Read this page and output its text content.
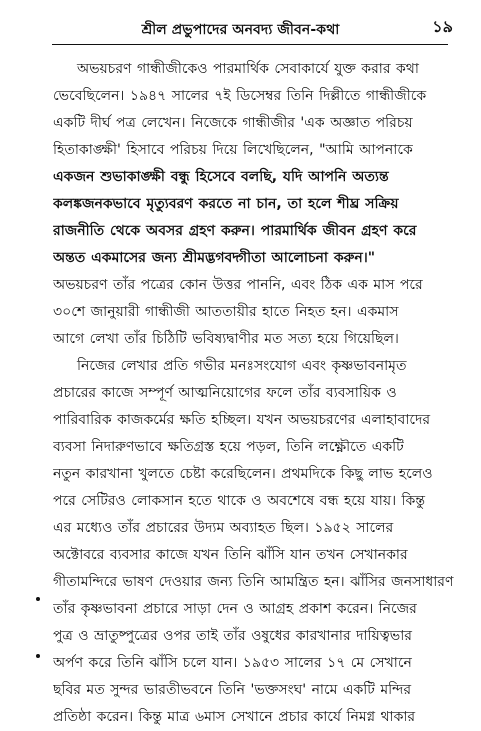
শ্রীল প্রভুপাদের অনবদ্য জীবন-কথা	১৯
অভয়চরণ গান্ধীজীকেও পারমার্থিক সেবাকার্যে যুক্ত করার কথা
ভেবেছিলেন। ১৯৪৭ সালের ৭ই ডিসেম্বর তিনি দিল্লীতে গান্ধীজীকে
একটি দীর্ঘ পত্র লেখেন। নিজেকে গান্ধীজীর 'এক অজ্ঞাত পরিচয়
হিতাকাঙ্ক্ষী' হিসাবে পরিচয় দিয়ে লিখেছিলেন, "আমি আপনাকে
একজন শুভাকাঙ্ক্ষী বন্ধু হিসেবে বলছি, যদি আপনি অত্যন্ত
কলঙ্কজনকভাবে মৃত্যুবরণ করতে না চান, তা হলে শীঘ্র সক্রিয়
রাজনীতি থেকে অবসর গ্রহণ করুন। পারমার্থিক জীবন গ্রহণ করে
অন্তত একমাসের জন্য শ্রীমদ্ভগবদ্গীতা আলোচনা করুন।"
অভয়চরণ তাঁর পত্রের কোন উত্তর পাননি, এবং ঠিক এক মাস পরে
৩০শে জানুয়ারী গান্ধীজী আততায়ীর হাতে নিহত হন। একমাস
আগে লেখা তাঁর চিঠিটি ভবিষ্যদ্বাণীর মত সত্য হয়ে গিয়েছিল।
নিজের লেখার প্রতি গভীর মনঃসংযোগ এবং কৃষ্ণভাবনামৃত
প্রচারের কাজে সম্পূর্ণ আত্মনিয়োগের ফলে তাঁর ব্যবসায়িক ও
পারিবারিক কাজকর্মের ক্ষতি হচ্ছিল। যখন অভয়চরণের এলাহাবাদের
ব্যবসা নিদারুণভাবে ক্ষতিগ্রস্ত হয়ে পড়ল, তিনি লক্ষ্ণৌতে একটি
নতুন কারখানা খুলতে চেষ্টা করেছিলেন। প্রথমদিকে কিছু লাভ হলেও
পরে সেটিরও লোকসান হতে থাকে ও অবশেষে বন্ধ হয়ে যায়। কিন্তু
এর মধ্যেও তাঁর প্রচারের উদ্যম অব্যাহত ছিল। ১৯৫২ সালের
অক্টোবরে ব্যবসার কাজে যখন তিনি ঝাঁসি যান তখন সেখানকার
গীতামন্দিরে ভাষণ দেওয়ার জন্য তিনি আমন্ত্রিত হন। ঝাঁসির জনসাধারণ
তাঁর কৃষ্ণভাবনা প্রচারে সাড়া দেন ও আগ্রহ প্রকাশ করেন। নিজের
পুত্র ও ভ্রাতুষ্পুত্রের ওপর তাই তাঁর ওষুধের কারখানার দায়িত্বভার
অর্পণ করে তিনি ঝাঁসি চলে যান। ১৯৫৩ সালের ১৭ মে সেখানে
ছবির মত সুন্দর ভারতীভবনে তিনি 'ভক্তসংঘ' নামে একটি মন্দির
প্রতিষ্ঠা করেন। কিন্তু মাত্র ৬মাস সেখানে প্রচার কার্যে নিমগ্ন থাকার
